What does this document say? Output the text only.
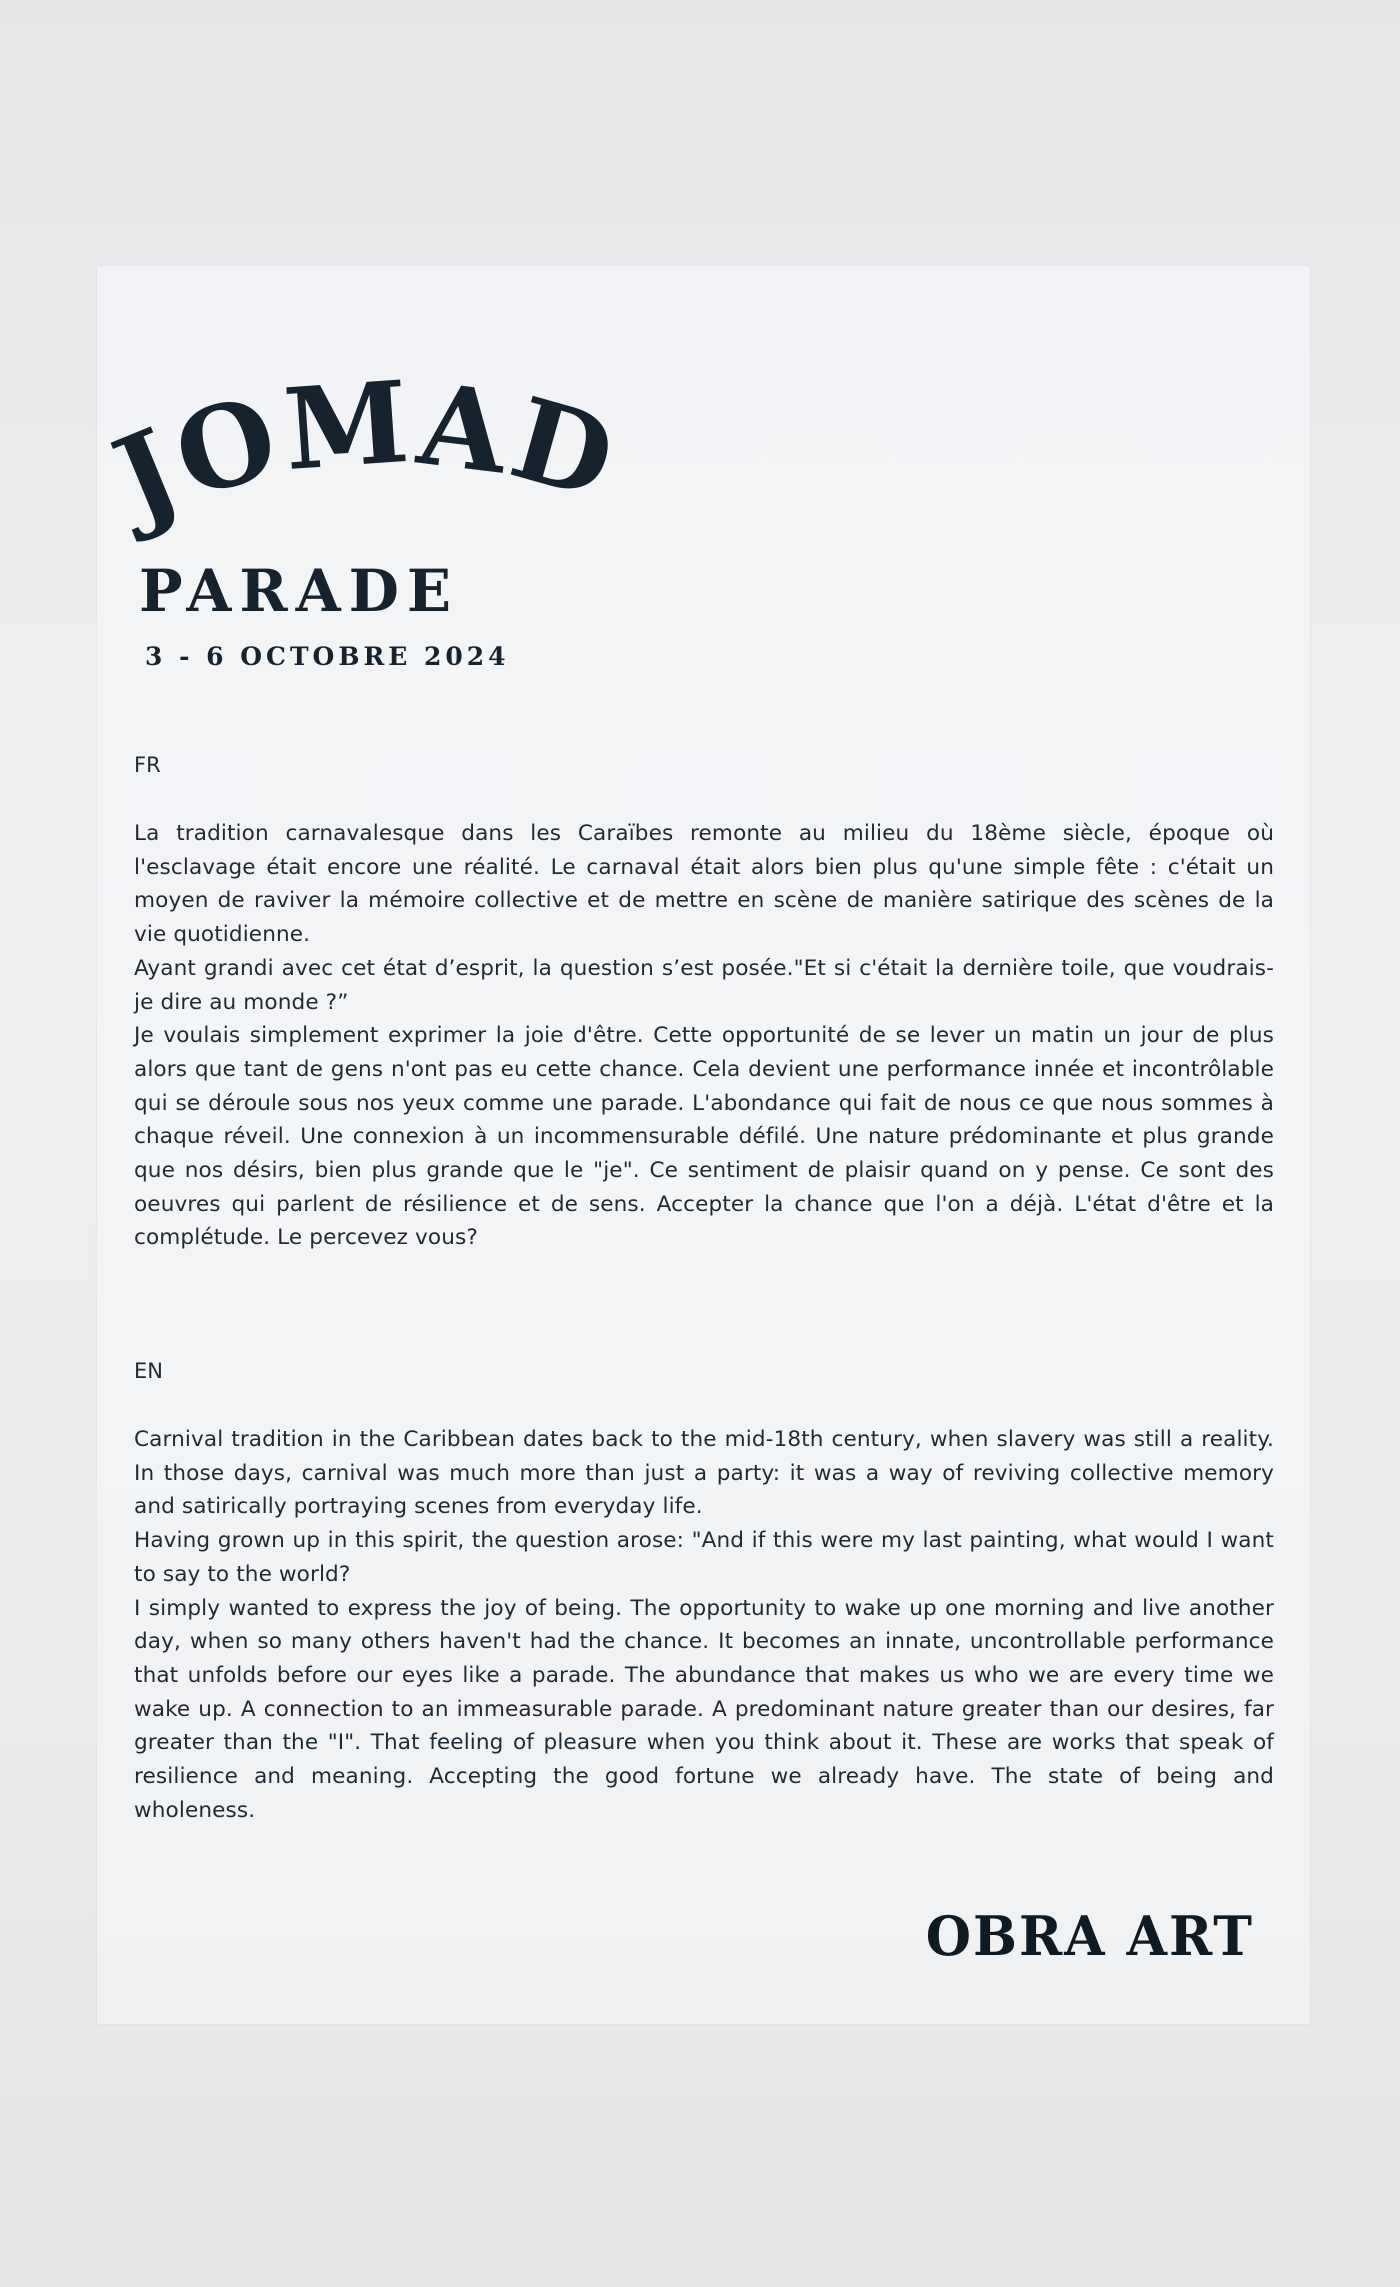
JOMAD
PARADE
3 - 6 OCTOBRE 2024
FR

La tradition carnavalesque dans les Caraïbes remonte au milieu du 18ème siècle, époque où l'esclavage était encore une réalité. Le carnaval était alors bien plus qu'une simple fête : c'était un moyen de raviver la mémoire collective et de mettre en scène de manière satirique des scènes de la vie quotidienne.

Ayant grandi avec cet état d’esprit, la question s’est posée."Et si c'était la dernière toile, que voudrais-je dire au monde ?”

Je voulais simplement exprimer la joie d'être. Cette opportunité de se lever un matin un jour de plus alors que tant de gens n'ont pas eu cette chance. Cela devient une performance innée et incontrôlable qui se déroule sous nos yeux comme une parade. L'abondance qui fait de nous ce que nous sommes à chaque réveil. Une connexion à un incommensurable défilé. Une nature prédominante et plus grande que nos désirs, bien plus grande que le "je". Ce sentiment de plaisir quand on y pense. Ce sont des oeuvres qui parlent de résilience et de sens. Accepter la chance que l'on a déjà. L'état d'être et la complétude. Le percevez vous?

EN

Carnival tradition in the Caribbean dates back to the mid-18th century, when slavery was still a reality. In those days, carnival was much more than just a party: it was a way of reviving collective memory and satirically portraying scenes from everyday life.

Having grown up in this spirit, the question arose: "And if this were my last painting, what would I want to say to the world?

I simply wanted to express the joy of being. The opportunity to wake up one morning and live another day, when so many others haven't had the chance. It becomes an innate, uncontrollable performance that unfolds before our eyes like a parade. The abundance that makes us who we are every time we wake up. A connection to an immeasurable parade. A predominant nature greater than our desires, far greater than the "I". That feeling of pleasure when you think about it. These are works that speak of resilience and meaning. Accepting the good fortune we already have. The state of being and wholeness.

OBRA ART
